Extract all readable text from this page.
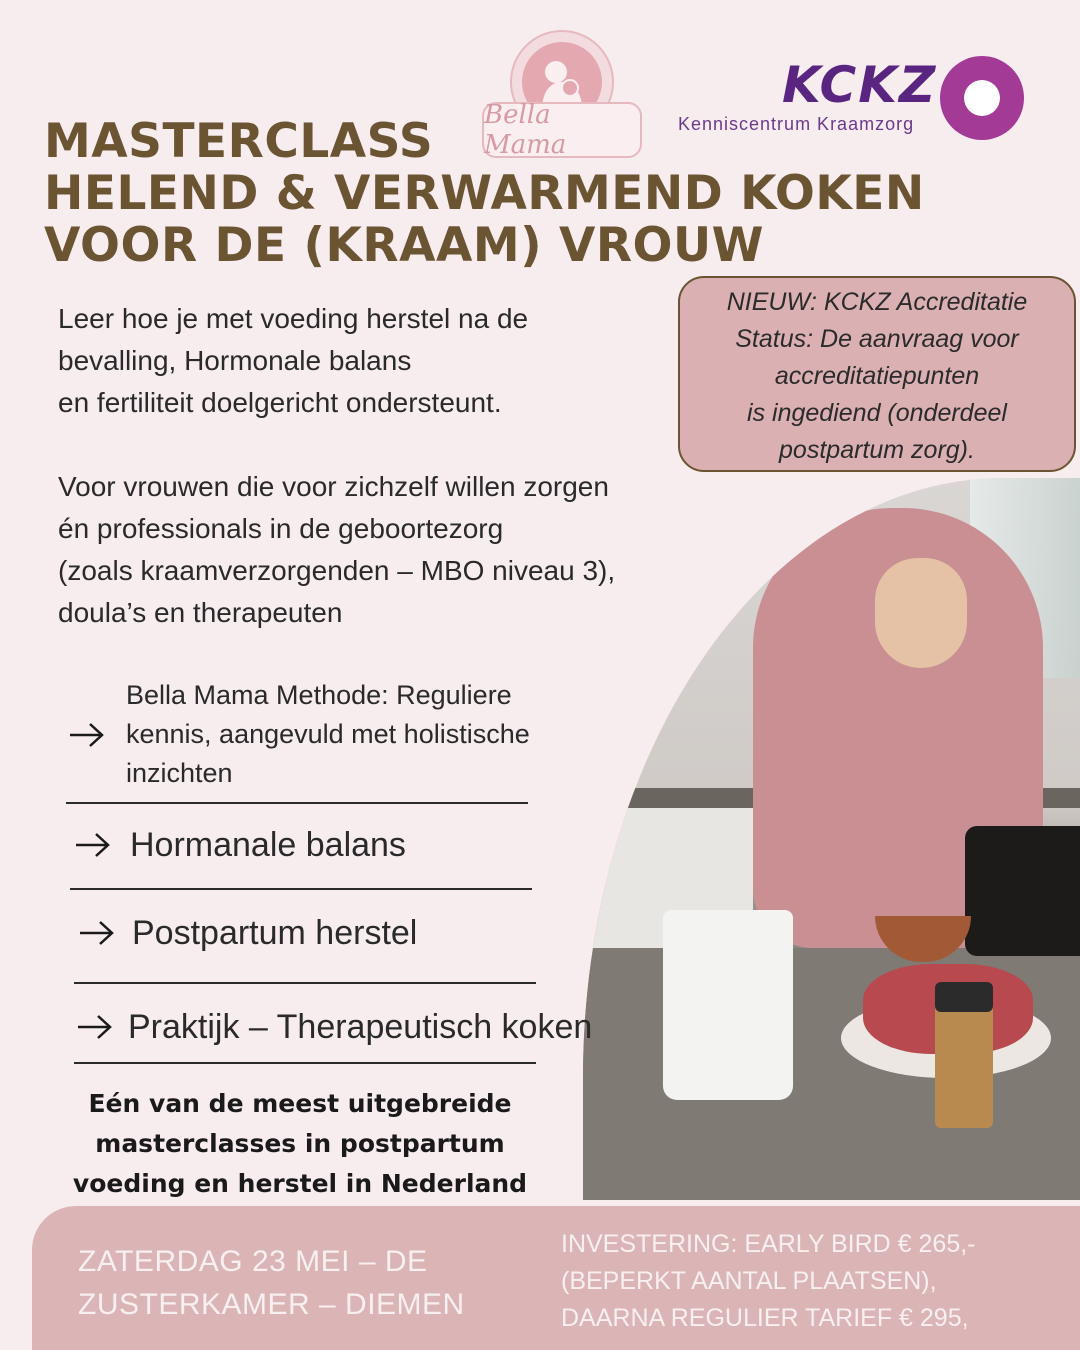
Bella Mama
KCKZ
Kenniscentrum Kraamzorg
MASTERCLASS
HELEND & VERWARMEND KOKEN
VOOR DE (KRAAM) VROUW

Leer hoe je met voeding herstel na de
bevalling, Hormonale balans
en fertiliteit doelgericht ondersteunt.

Voor vrouwen die voor zichzelf willen zorgen
én professionals in de geboortezorg
(zoals kraamverzorgenden – MBO niveau 3),
doula’s en therapeuten

NIEUW: KCKZ Accreditatie
Status: De aanvraag voor
accreditatiepunten
is ingediend (onderdeel
postpartum zorg).
Bella Mama Methode: Reguliere
kennis, aangevuld met holistische
inzichten
Hormanale balans
Postpartum herstel
Praktijk – Therapeutisch koken
Eén van de meest uitgebreide
masterclasses in postpartum
voeding en herstel in Nederland
ZATERDAG 23 MEI – DE
ZUSTERKAMER – DIEMEN
INVESTERING: EARLY BIRD € 265,-
(BEPERKT AANTAL PLAATSEN),
DAARNA REGULIER TARIEF € 295,
